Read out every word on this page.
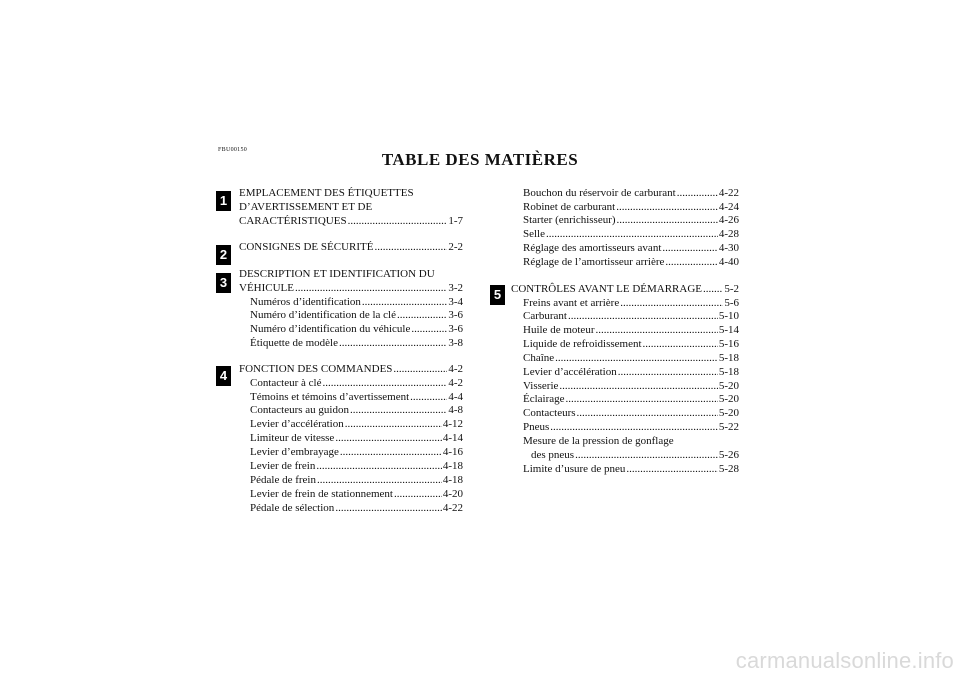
FBU00150	TABLE DES MATIÈRES
1
2
3
4
5
EMPLACEMENT DES ÉTIQUETTES
D’AVERTISSEMENT ET DE
CARACTÉRISTIQUES .....	1-7
CONSIGNES DE SÉCURITÉ .....	2-2
DESCRIPTION ET IDENTIFICATION DU
VÉHICULE .....	3-2
Numéros d’identification .....	3-4
Numéro d’identification de la clé .....	3-6
Numéro d’identification du véhicule .....	3-6
Étiquette de modèle .....	3-8
FONCTION DES COMMANDES .....	4-2
Contacteur à clé .....	4-2
Témoins et témoins d’avertissement .....	4-4
Contacteurs au guidon .....	4-8
Levier d’accélération .....	4-12
Limiteur de vitesse .....	4-14
Levier d’embrayage .....	4-16
Levier de frein .....	4-18
Pédale de frein .....	4-18
Levier de frein de stationnement .....	4-20
Pédale de sélection .....	4-22
Bouchon du réservoir de carburant .....	4-22
Robinet de carburant .....	4-24
Starter (enrichisseur) .....	4-26
Selle .....	4-28
Réglage des amortisseurs avant .....	4-30
Réglage de l’amortisseur arrière .....	4-40
CONTRÔLES AVANT LE DÉMARRAGE ..... 5-2
Freins avant et arrière .....	5-6
Carburant .....	5-10
Huile de moteur .....	5-14
Liquide de refroidissement .....	5-16
Chaîne .....	5-18
Levier d’accélération .....	5-18
Visserie .....	5-20
Éclairage .....	5-20
Contacteurs .....	5-20
Pneus .....	5-22
Mesure de la pression de gonflage
des pneus .....	5-26
Limite d’usure de pneu .....	5-28
carmanualsonline.info
